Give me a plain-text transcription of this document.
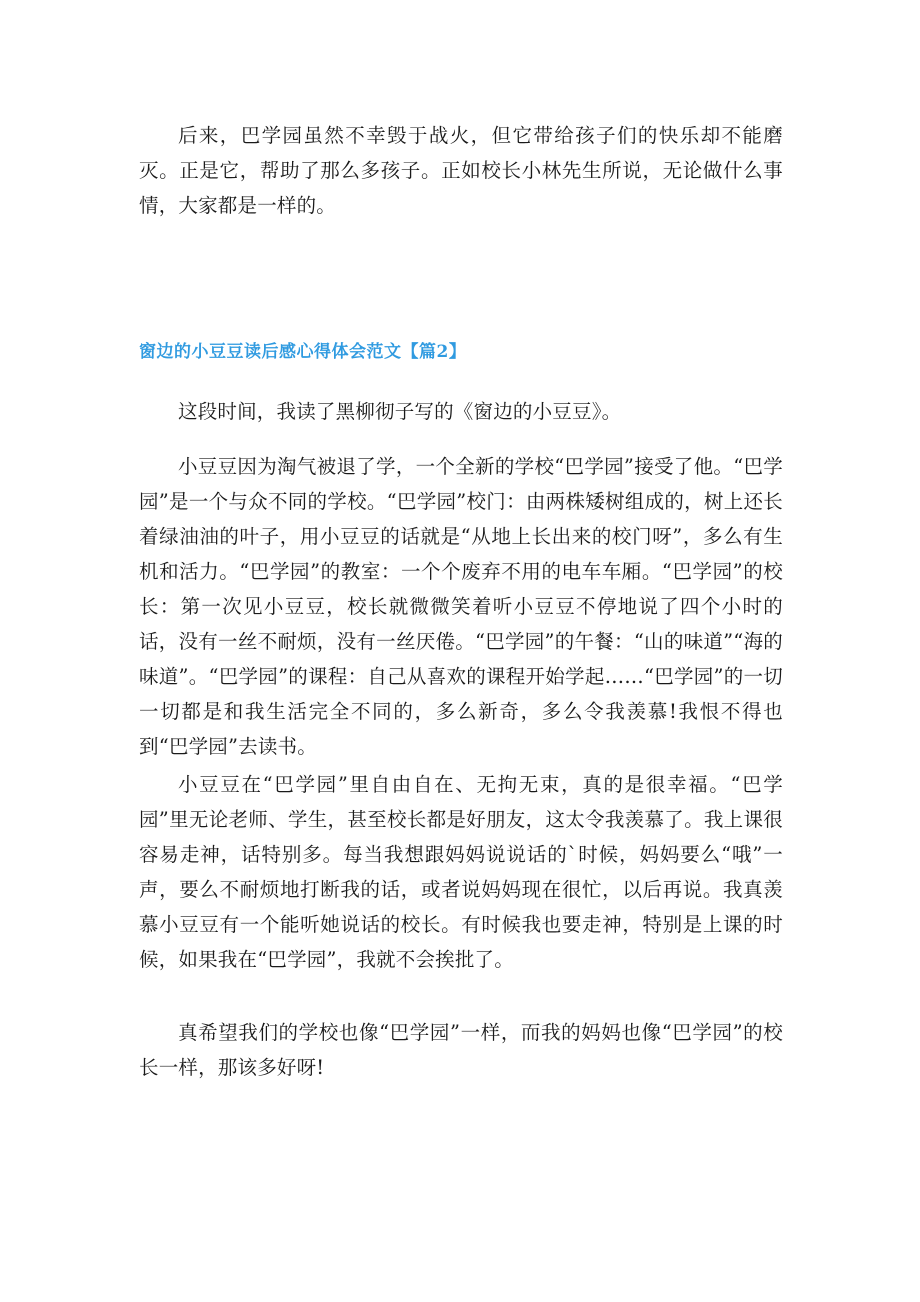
后来，巴学园虽然不幸毁于战火，但它带给孩子们的快乐却不能磨灭。正是它，帮助了那么多孩子。正如校长小林先生所说，无论做什么事情，大家都是一样的。

窗边的小豆豆读后感心得体会范文【篇2】

这段时间，我读了黑柳彻子写的《窗边的小豆豆》。

小豆豆因为淘气被退了学，一个全新的学校“巴学园”接受了他。“巴学园”是一个与众不同的学校。“巴学园”校门：由两株矮树组成的，树上还长着绿油油的叶子，用小豆豆的话就是“从地上长出来的校门呀”，多么有生机和活力。“巴学园”的教室：一个个废弃不用的电车车厢。“巴学园”的校长：第一次见小豆豆，校长就微微笑着听小豆豆不停地说了四个小时的话，没有一丝不耐烦，没有一丝厌倦。“巴学园”的午餐：“山的味道”“海的味道”。“巴学园”的课程：自己从喜欢的课程开始学起……“巴学园”的一切一切都是和我生活完全不同的，多么新奇，多么令我羡慕!我恨不得也到“巴学园”去读书。

小豆豆在“巴学园”里自由自在、无拘无束，真的是很幸福。“巴学园”里无论老师、学生，甚至校长都是好朋友，这太令我羡慕了。我上课很容易走神，话特别多。每当我想跟妈妈说说话的`时候，妈妈要么“哦”一声，要么不耐烦地打断我的话，或者说妈妈现在很忙，以后再说。我真羡慕小豆豆有一个能听她说话的校长。有时候我也要走神，特别是上课的时候，如果我在“巴学园”，我就不会挨批了。

真希望我们的学校也像“巴学园”一样，而我的妈妈也像“巴学园”的校长一样，那该多好呀!
